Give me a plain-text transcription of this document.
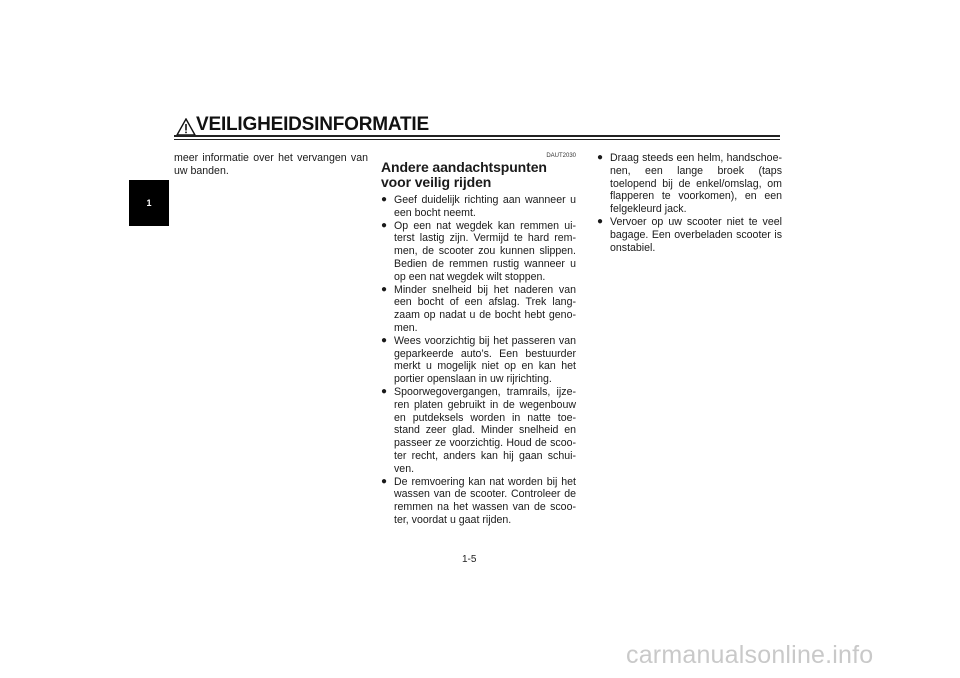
VEILIGHEIDSINFORMATIE
1
meer informatie over het vervangen van uw banden.
DAUT2030
Andere aandachtspunten voor veilig rijden
● Geef duidelijk richting aan wanneer u een bocht neemt.
● Op een nat wegdek kan remmen ui-terst lastig zijn. Vermijd te hard rem-men, de scooter zou kunnen slippen. Bedien de remmen rustig wanneer u op een nat wegdek wilt stoppen.
● Minder snelheid bij het naderen van een bocht of een afslag. Trek lang-zaam op nadat u de bocht hebt geno-men.
● Wees voorzichtig bij het passeren van geparkeerde auto’s. Een bestuurder merkt u mogelijk niet op en kan het portier openslaan in uw rijrichting.
● Spoorwegovergangen, tramrails, ijze-ren platen gebruikt in de wegenbouw en putdeksels worden in natte toe-stand zeer glad. Minder snelheid en passeer ze voorzichtig. Houd de scoo-ter recht, anders kan hij gaan schui-ven.
● De remvoering kan nat worden bij het wassen van de scooter. Controleer de remmen na het wassen van de scoo-ter, voordat u gaat rijden.
● Draag steeds een helm, handschoe-nen, een lange broek (taps toelopend bij de enkel/omslag, om flapperen te voorkomen), en een felgekleurd jack.
● Vervoer op uw scooter niet te veel bagage. Een overbeladen scooter is onstabiel.
1-5
carmanualsonline.info
